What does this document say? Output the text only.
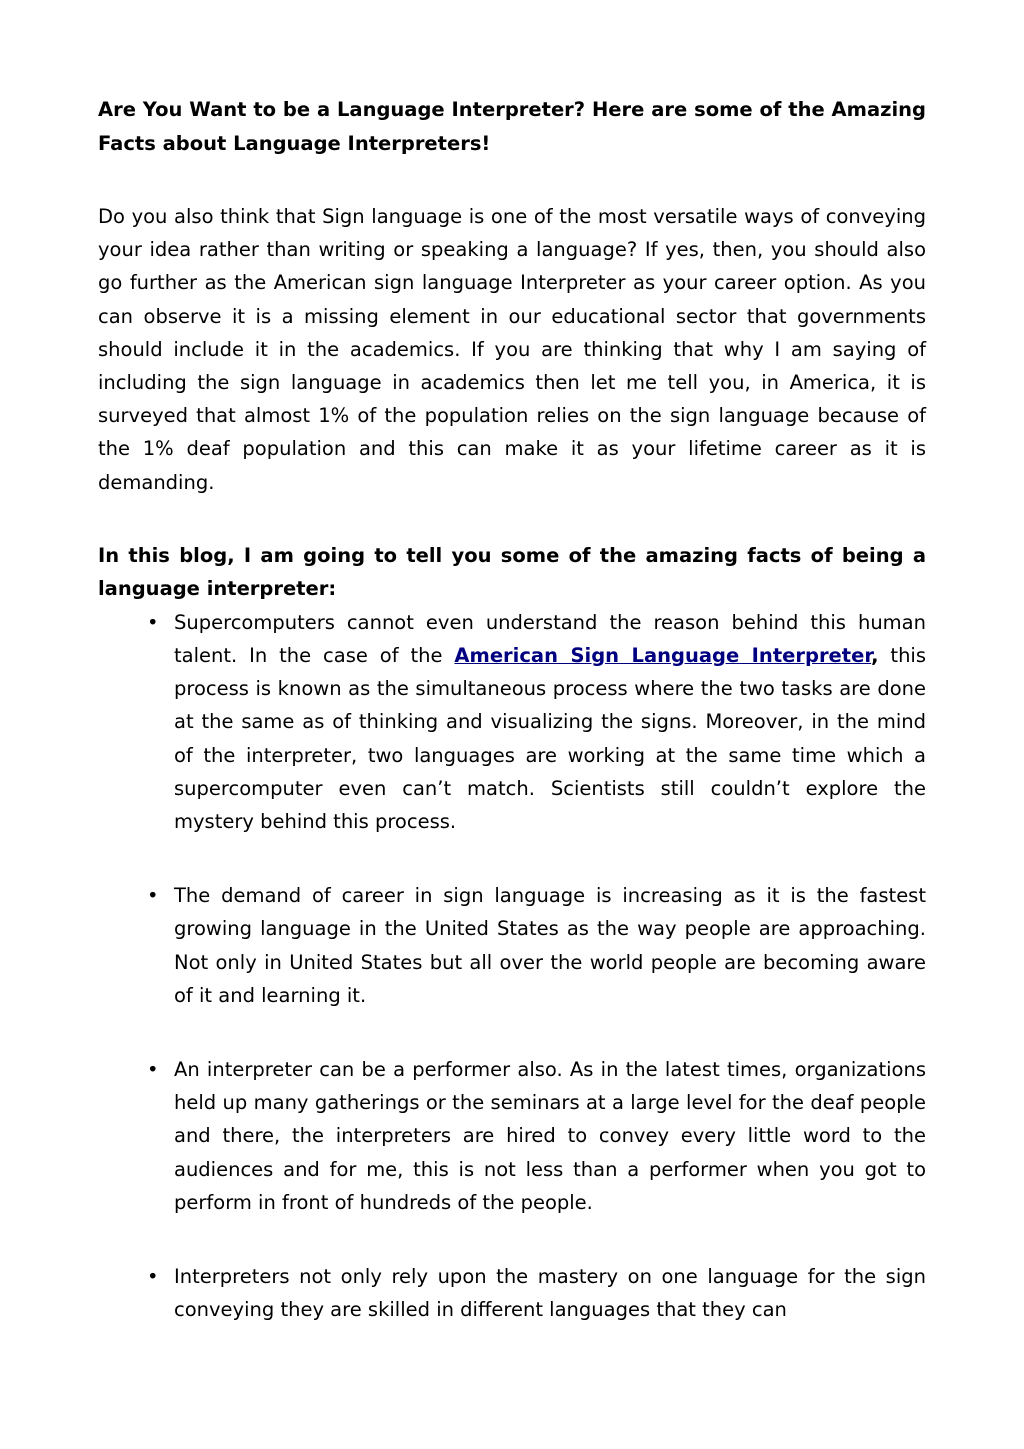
Are You Want to be a Language Interpreter? Here are some of the Amazing Facts about Language Interpreters!

Do you also think that Sign language is one of the most versatile ways of conveying your idea rather than writing or speaking a language? If yes, then, you should also go further as the American sign language Interpreter as your career option. As you can observe it is a missing element in our educational sector that governments should include it in the academics. If you are thinking that why I am saying of including the sign language in academics then let me tell you, in America, it is surveyed that almost 1% of the population relies on the sign language because of the 1% deaf population and this can make it as your lifetime career as it is demanding.

In this blog, I am going to tell you some of the amazing facts of being a language interpreter:

• Supercomputers cannot even understand the reason behind this human talent. In the case of the American Sign Language Interpreter, this process is known as the simultaneous process where the two tasks are done at the same as of thinking and visualizing the signs. Moreover, in the mind of the interpreter, two languages are working at the same time which a supercomputer even can’t match. Scientists still couldn’t explore the mystery behind this process.
• The demand of career in sign language is increasing as it is the fastest growing language in the United States as the way people are approaching. Not only in United States but all over the world people are becoming aware of it and learning it.
• An interpreter can be a performer also. As in the latest times, organizations held up many gatherings or the seminars at a large level for the deaf people and there, the interpreters are hired to convey every little word to the audiences and for me, this is not less than a performer when you got to perform in front of hundreds of the people.
• Interpreters not only rely upon the mastery on one language for the sign conveying they are skilled in different languages that they can
